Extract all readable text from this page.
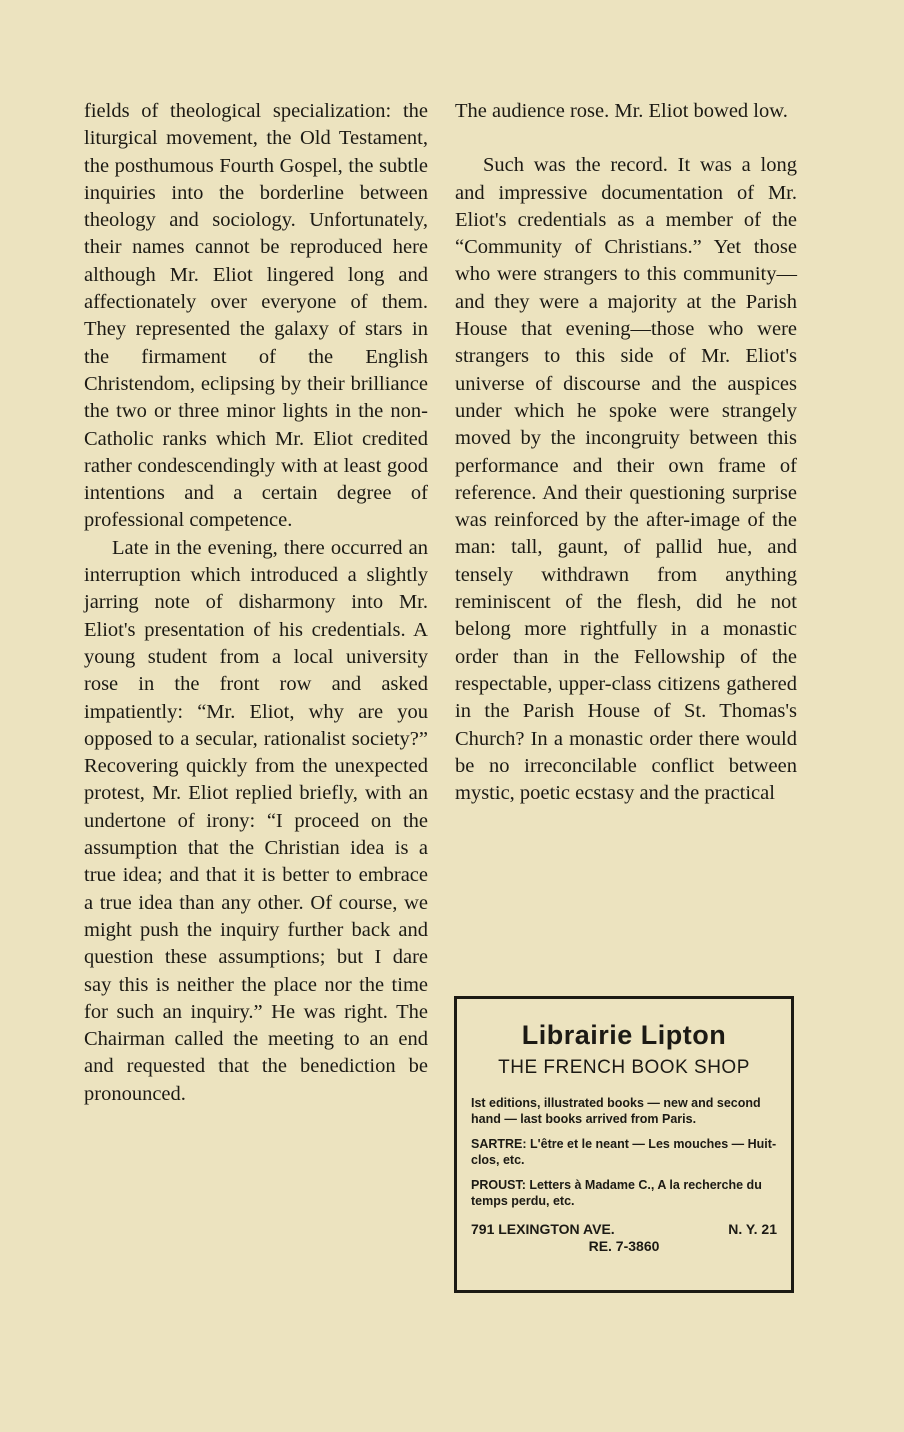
fields of theological specialization: the liturgical movement, the Old Testament, the posthumous Fourth Gospel, the subtle inquiries into the borderline between theology and sociology. Unfortunately, their names cannot be reproduced here although Mr. Eliot lingered long and affectionately over everyone of them. They represented the galaxy of stars in the firmament of the English Christendom, eclipsing by their brilliance the two or three minor lights in the non-Catholic ranks which Mr. Eliot credited rather condescendingly with at least good intentions and a certain degree of professional competence.

Late in the evening, there occurred an interruption which introduced a slightly jarring note of disharmony into Mr. Eliot's presentation of his credentials. A young student from a local university rose in the front row and asked impatiently: “Mr. Eliot, why are you opposed to a secular, rationalist society?” Recovering quickly from the unexpected protest, Mr. Eliot replied briefly, with an undertone of irony: “I proceed on the assumption that the Christian idea is a true idea; and that it is better to embrace a true idea than any other. Of course, we might push the inquiry further back and question these assumptions; but I dare say this is neither the place nor the time for such an inquiry.” He was right. The Chairman called the meeting to an end and requested that the benediction be pronounced.

The audience rose. Mr. Eliot bowed low.

Such was the record. It was a long and impressive documentation of Mr. Eliot's credentials as a member of the “Community of Christians.” Yet those who were strangers to this community—and they were a majority at the Parish House that evening—those who were strangers to this side of Mr. Eliot's universe of discourse and the auspices under which he spoke were strangely moved by the incongruity between this performance and their own frame of reference. And their questioning surprise was reinforced by the after-image of the man: tall, gaunt, of pallid hue, and tensely withdrawn from anything reminiscent of the flesh, did he not belong more rightfully in a monastic order than in the Fellowship of the respectable, upper-class citizens gathered in the Parish House of St. Thomas's Church? In a monastic order there would be no irreconcilable conflict between mystic, poetic ecstasy and the practical

Librairie Lipton
THE FRENCH BOOK SHOP
Ist editions, illustrated books — new and second hand — last books arrived from Paris.
SARTRE: L'être et le neant — Les mouches — Huit-clos, etc.
PROUST: Letters à Madame C., A la recherche du temps perdu, etc.
791 LEXINGTON AVE.	N. Y. 21
RE. 7-3860
